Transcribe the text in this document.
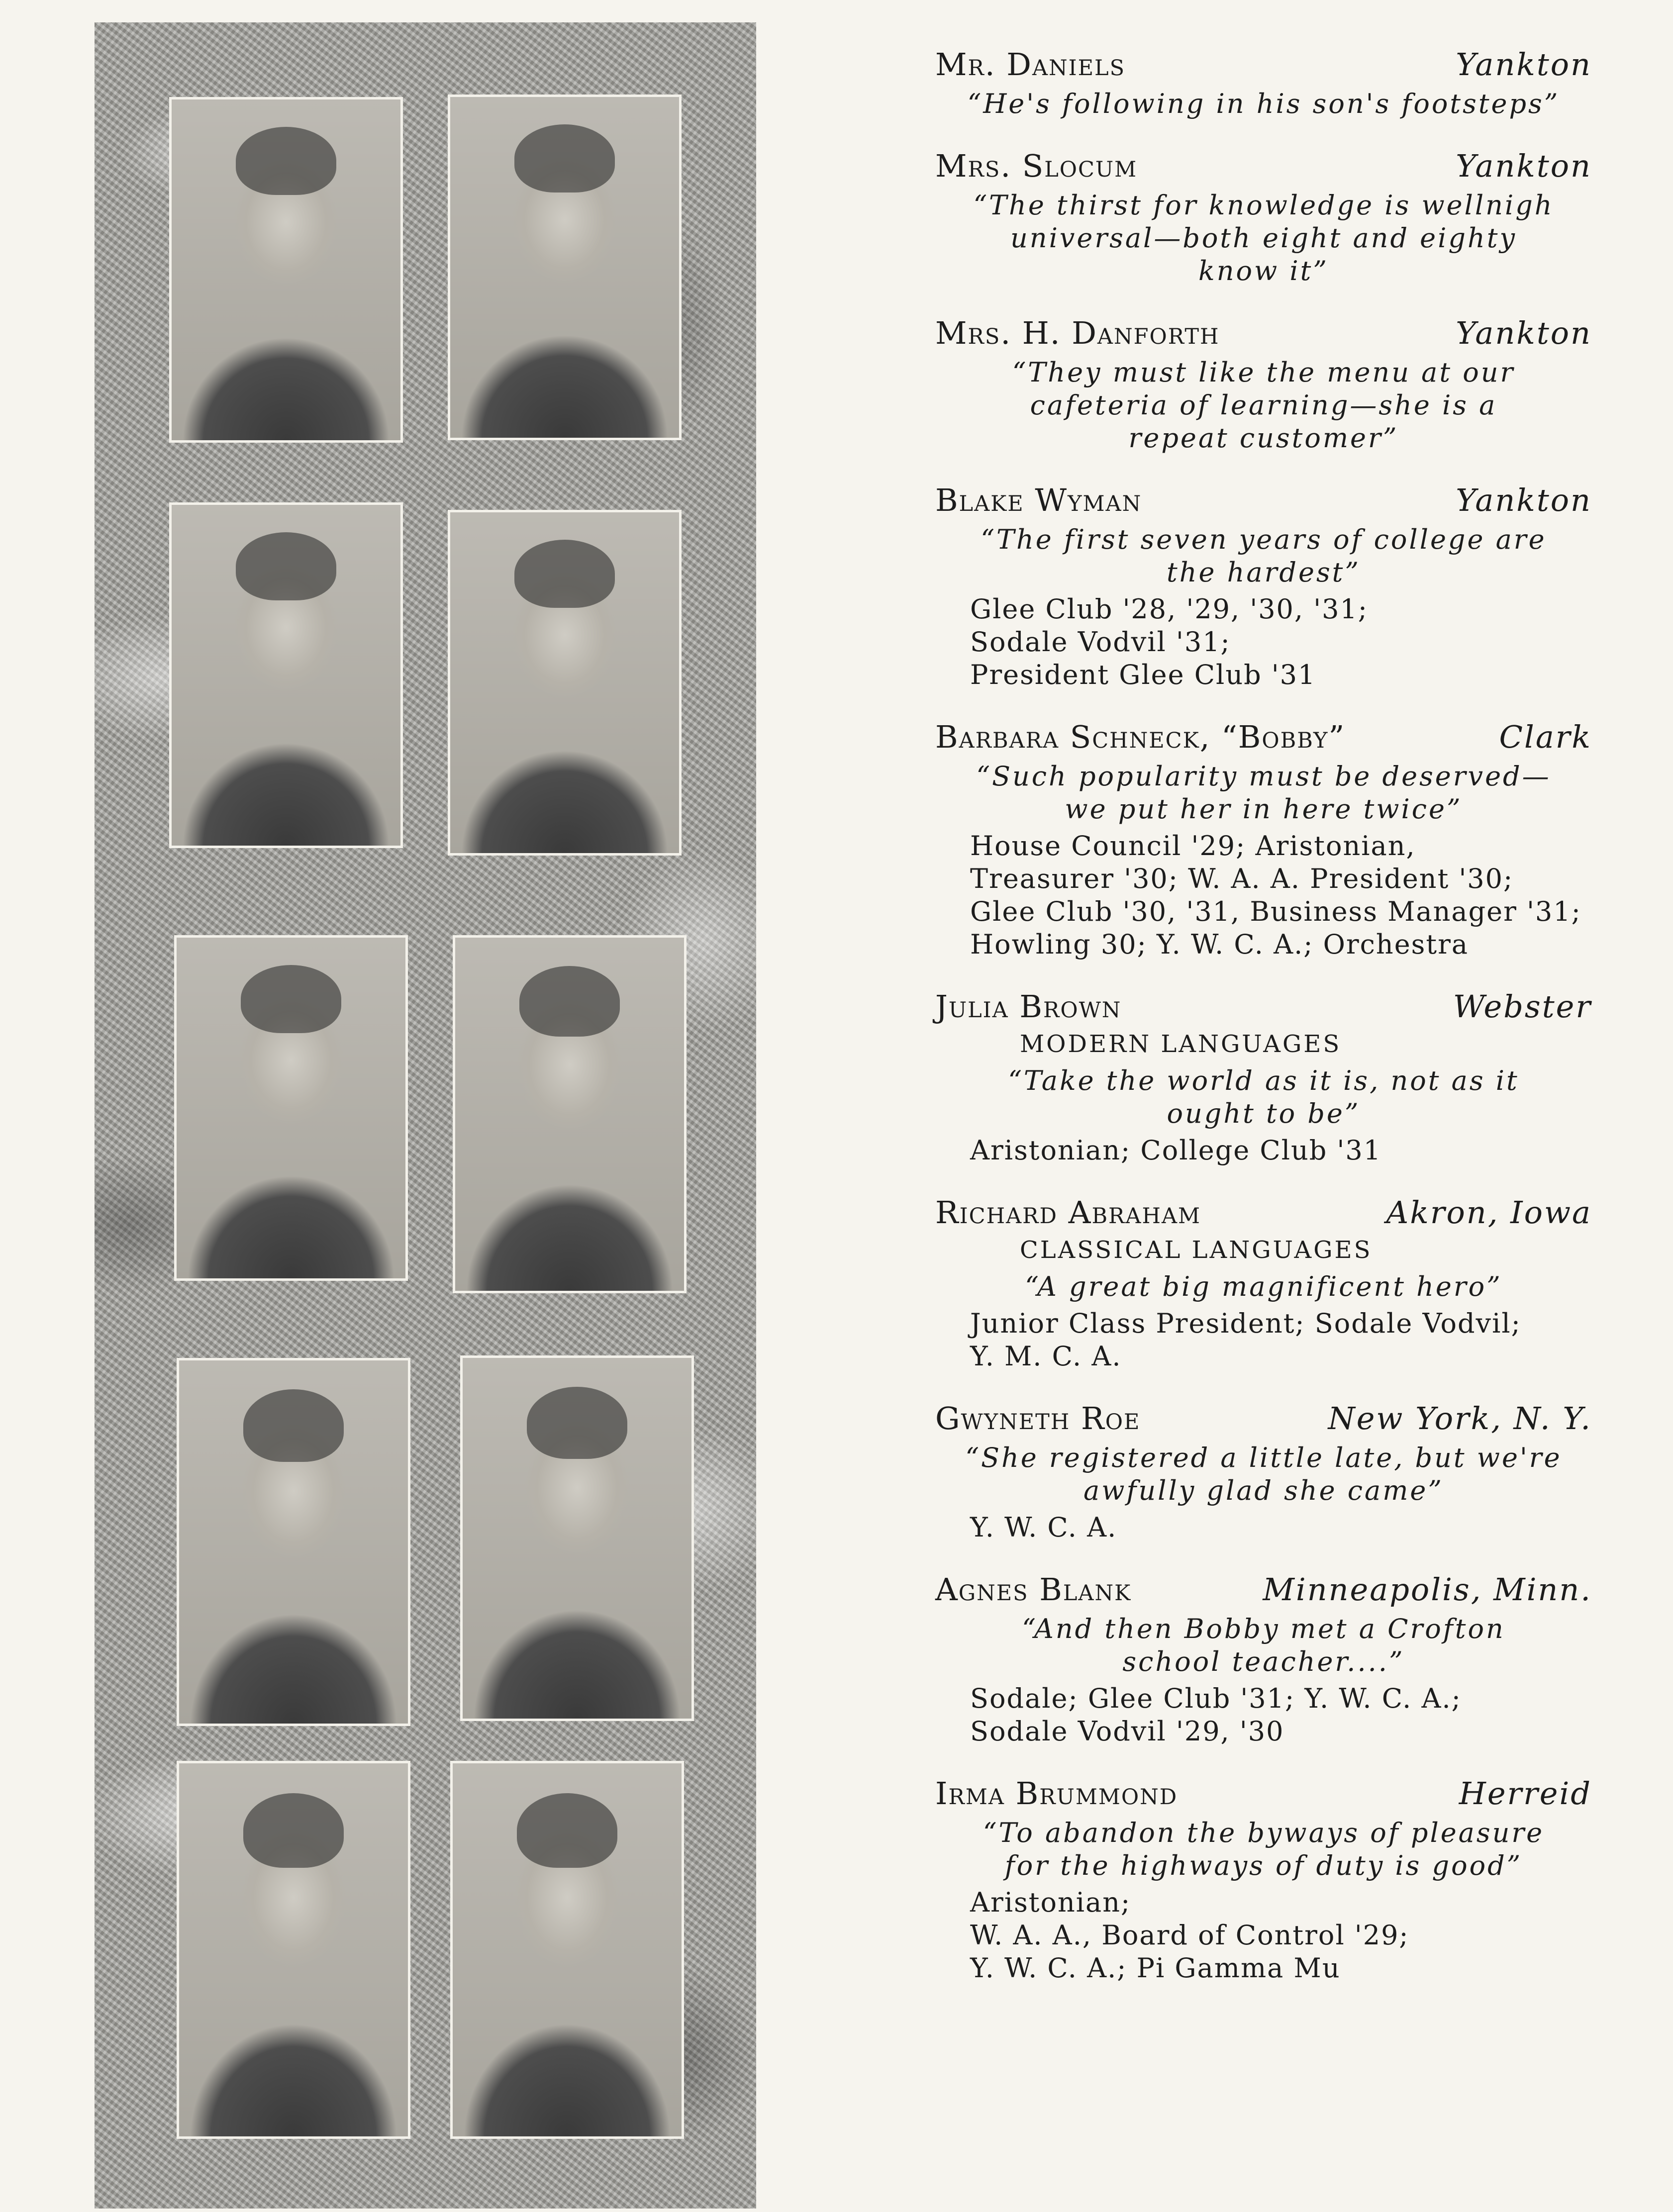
Mr. Daniels	Yankton
“He's following in his son's footsteps”
Mrs. Slocum	Yankton
“The thirst for knowledge is wellnigh
universal—both eight and eighty
know it”
Mrs. H. Danforth	Yankton
“They must like the menu at our
cafeteria of learning—she is a
repeat customer”
Blake Wyman	Yankton
“The first seven years of college are
the hardest”
Glee Club '28, '29, '30, '31;
Sodale Vodvil '31;
President Glee Club '31
Barbara Schneck, “Bobby”	Clark
“Such popularity must be deserved—
we put her in here twice”
House Council '29; Aristonian,
Treasurer '30; W. A. A. President '30;
Glee Club '30, '31, Business Manager '31;
Howling 30; Y. W. C. A.; Orchestra
Julia Brown	Webster
MODERN LANGUAGES
“Take the world as it is, not as it
ought to be”
Aristonian; College Club '31
Richard Abraham	Akron, Iowa
CLASSICAL LANGUAGES
“A great big magnificent hero”
Junior Class President; Sodale Vodvil;
Y. M. C. A.
Gwyneth Roe	New York, N. Y.
“She registered a little late, but we're
awfully glad she came”
Y. W. C. A.
Agnes Blank	Minneapolis, Minn.
“And then Bobby met a Crofton
school teacher....”
Sodale; Glee Club '31; Y. W. C. A.;
Sodale Vodvil '29, '30
Irma Brummond	Herreid
“To abandon the byways of pleasure
for the highways of duty is good”
Aristonian;
W. A. A., Board of Control '29;
Y. W. C. A.; Pi Gamma Mu
